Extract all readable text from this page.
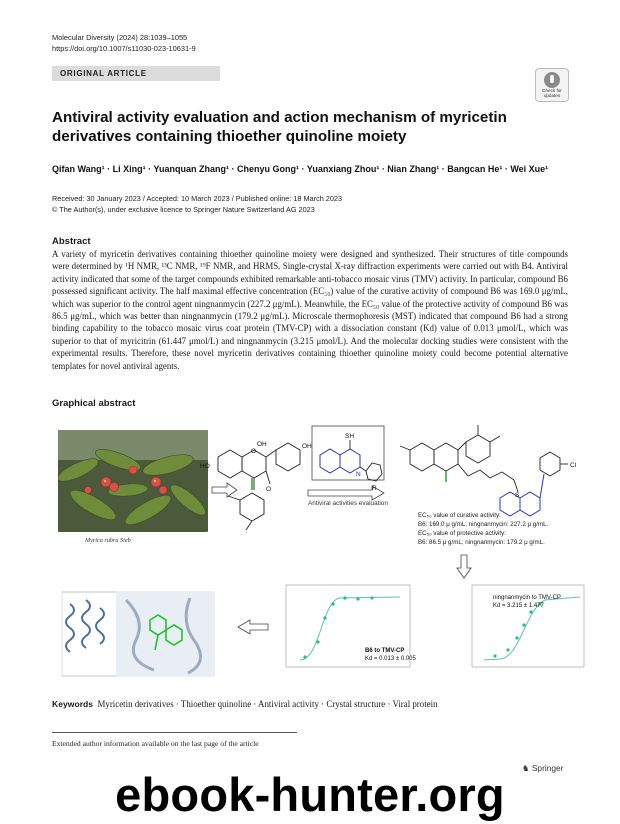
Molecular Diversity (2024) 28:1039–1055
https://doi.org/10.1007/s11030-023-10631-9
ORIGINAL ARTICLE
Check for
updates
Antiviral activity evaluation and action mechanism of myricetin derivatives containing thioether quinoline moiety
Qifan Wang¹ · Li Xing¹ · Yuanquan Zhang¹ · Chenyu Gong¹ · Yuanxiang Zhou¹ · Nian Zhang¹ · Bangcan He¹ · Wei Xue¹
Received: 30 January 2023 / Accepted: 10 March 2023 / Published online: 18 March 2023
© The Author(s), under exclusive licence to Springer Nature Switzerland AG 2023
Abstract
A variety of myricetin derivatives containing thioether quinoline moiety were designed and synthesized. Their structures of title compounds were determined by ¹H NMR, ¹³C NMR, ¹⁹F NMR, and HRMS. Single-crystal X-ray diffraction experiments were carried out with B4. Antiviral activity indicated that some of the target compounds exhibited remarkable anti-tobacco mosaic virus (TMV) activity. In particular, compound B6 possessed significant activity. The half maximal effective concentration (EC₅₀) value of the curative activity of compound B6 was 169.0 μg/mL, which was superior to the control agent ningnanmycin (227.2 μg/mL). Meanwhile, the EC₅₀ value of the protective activity of compound B6 was 86.5 μg/mL, which was better than ningnanmycin (179.2 μg/mL). Microscale thermophoresis (MST) indicated that compound B6 had a strong binding capability to the tobacco mosaic virus coat protein (TMV-CP) with a dissociation constant (Kd) value of 0.013 μmol/L, which was superior to that of myricitrin (61.447 μmol/L) and ningnanmycin (3.215 μmol/L). And the molecular docking studies were consistent with the experimental results. Therefore, these novel myricetin derivatives containing thioether quinoline moiety could become potential alternative templates for novel antiviral agents.
Graphical abstract
Myrica rubra Sieb
HO
OH	OH
O
O
SH
N
R
Cl
S
Antiviral activities evaluation
EC₅₀ value of curative activity:
B6: 169.0 μ g/mL; ningnanmycin: 227.2 μ g/mL.
EC₅₀ value of protective activity:
B6: 86.5 μ g/mL; ningnanmycin: 179.2 μ g/mL.
B6 to TMV-CP
Kd = 0.013 ± 0.005
ningnanmycin to TMV-CP
Kd = 3.215 ± 1.477
Keywords Myricetin derivatives · Thioether quinoline · Antiviral activity · Crystal structure · Viral protein
Extended author information available on the last page of the article
♞ Springer
ebook-hunter.org
